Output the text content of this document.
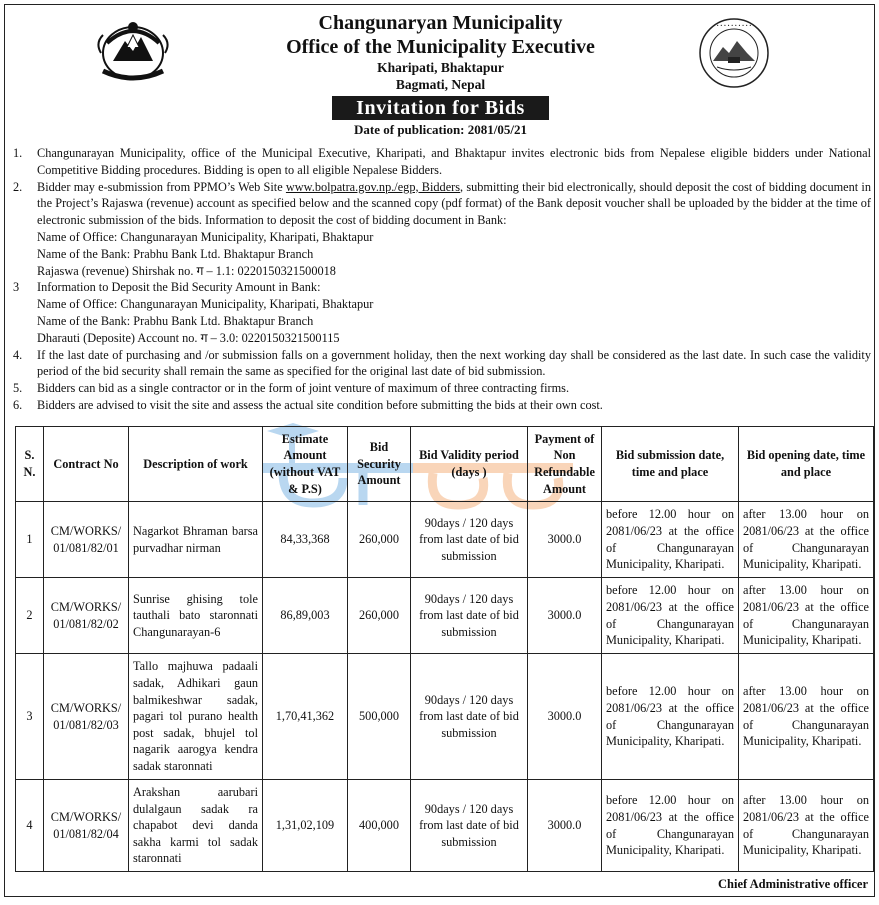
• • • • • • • • • •
Changunaryan Municipality
Office of the Municipality Executive
Kharipati, Bhaktapur
Bagmati, Nepal
Invitation for Bids
Date of publication: 2081/05/21
1.	Changunarayan Municipality, office of the Municipal Executive, Kharipati, and Bhaktapur invites electronic bids from Nepalese eligible bidders under National Competitive Bidding procedures. Bidding is open to all eligible Nepalese Bidders.
2.	Bidder may e-submission from PPMO’s Web Site www.bolpatra.gov.np./egp, Bidders, submitting their bid electronically, should deposit the cost of bidding document in the Project’s Rajaswa (revenue) account as specified below and the scanned copy (pdf format) of the Bank deposit voucher shall be uploaded by the bidder at the time of electronic submission of the bids. Information to deposit the cost of bidding document in Bank:
Name of Office: Changunarayan Municipality, Kharipati, Bhaktapur
Name of the Bank: Prabhu Bank Ltd. Bhaktapur Branch
Rajaswa (revenue) Shirshak no. ग – 1.1: 0220150321500018
3	Information to Deposit the Bid Security Amount in Bank:
Name of Office: Changunarayan Municipality, Kharipati, Bhaktapur
Name of the Bank: Prabhu Bank Ltd. Bhaktapur Branch
Dharauti (Deposite) Account no. ग – 3.0: 0220150321500115
4.	If the last date of purchasing and /or submission falls on a government holiday, then the next working day shall be considered as the last date. In such case the validity period of the bid security shall remain the same as specified for the original last date of bid submission.
5.	Bidders can bid as a single contractor or in the form of joint venture of maximum of three contracting firms.
6.	Bidders are advised to visit the site and assess the actual site condition before submitting the bids at their own cost.
S. N.	Contract No	Description of work	Estimate Amount (without VAT & P.S)	Bid Security Amount	Bid Validity period (days )	Payment of Non Refundable Amount	Bid submission date, time and place	Bid opening date, time and place
1	CM/WORKS/ 01/081/82/01	Nagarkot Bhraman barsa purvadhar nirman	84,33,368	260,000	90days / 120 days from last date of bid submission	3000.0	before 12.00 hour on 2081/06/23 at the office of Changunarayan Municipality, Kharipati.	after 13.00 hour on 2081/06/23 at the office of Changunarayan Municipality, Kharipati.
2	CM/WORKS/ 01/081/82/02	Sunrise ghising tole tauthali bato staronnati Changunarayan-6	86,89,003	260,000	90days / 120 days from last date of bid submission	3000.0	before 12.00 hour on 2081/06/23 at the office of Changunarayan Municipality, Kharipati.	after 13.00 hour on 2081/06/23 at the office of Changunarayan Municipality, Kharipati.
3	CM/WORKS/ 01/081/82/03	Tallo majhuwa padaali sadak, Adhikari gaun balmikeshwar sadak, pagari tol purano health post sadak, bhujel tol nagarik aarogya kendra sadak staronnati	1,70,41,362	500,000	90days / 120 days from last date of bid submission	3000.0	before 12.00 hour on 2081/06/23 at the office of Changunarayan Municipality, Kharipati.	after 13.00 hour on 2081/06/23 at the office of Changunarayan Municipality, Kharipati.
4	CM/WORKS/ 01/081/82/04	Arakshan aarubari dulalgaun sadak ra chapabot devi danda sakha karmi tol sadak staronnati	1,31,02,109	400,000	90days / 120 days from last date of bid submission	3000.0	before 12.00 hour on 2081/06/23 at the office of Changunarayan Municipality, Kharipati.	after 13.00 hour on 2081/06/23 at the office of Changunarayan Municipality, Kharipati.
Chief Administrative officer
